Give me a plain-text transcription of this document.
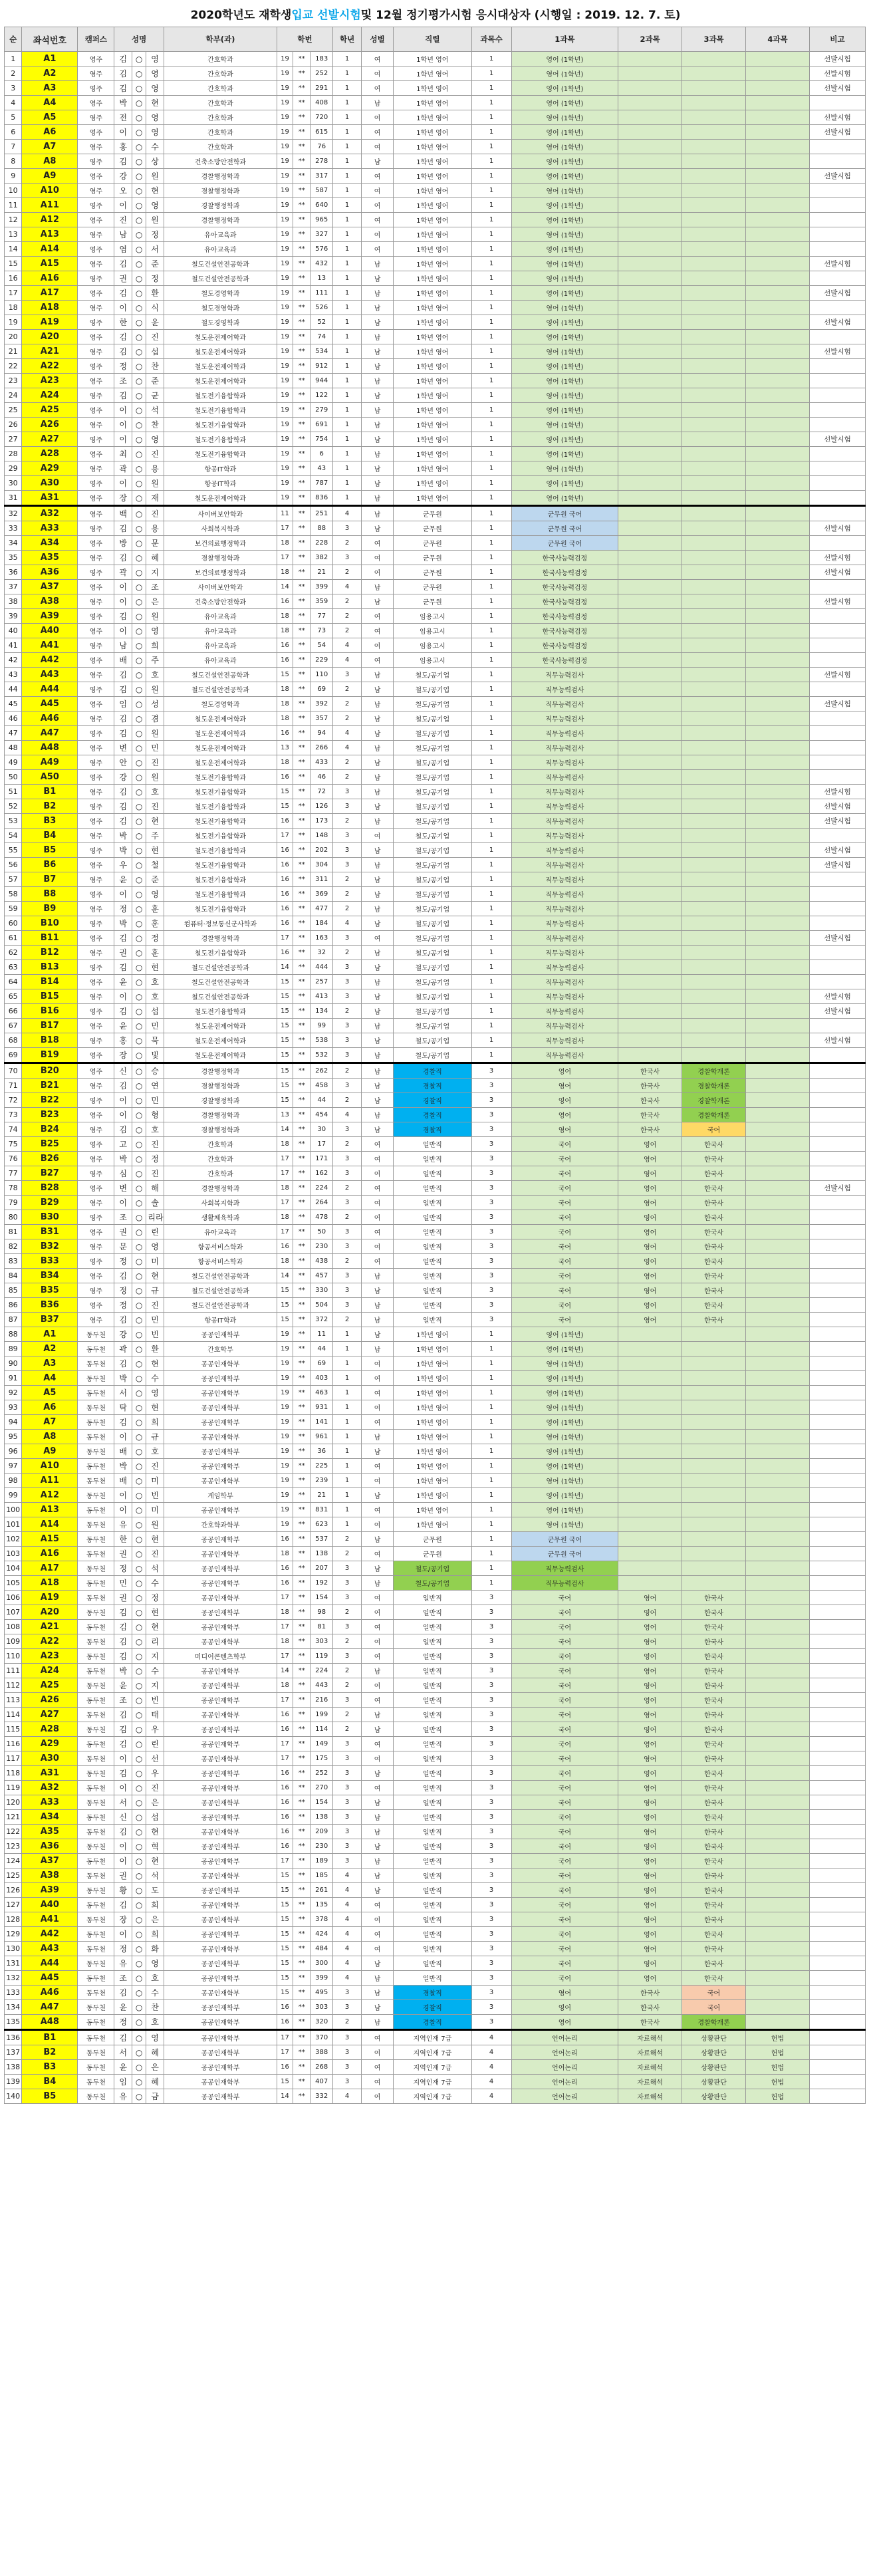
2020학년도 재학생 입교 선발시험 및 12월 정기평가시험 응시대상자 (시행일 : 2019. 12. 7. 토)
순	좌석번호	캠퍼스	성명			학부(과)	학번			학년	성별	직렬	과목수	1과목	2과목	3과목	4과목	비고
1	A1	영주	김	○	영	간호학과	19	**	183	1	여	1학년 영어	1	영어 (1학년)				선발시험
2	A2	영주	김	○	영	간호학과	19	**	252	1	여	1학년 영어	1	영어 (1학년)				선발시험
3	A3	영주	김	○	영	간호학과	19	**	291	1	여	1학년 영어	1	영어 (1학년)				선발시험
4	A4	영주	박	○	현	간호학과	19	**	408	1	남	1학년 영어	1	영어 (1학년)				
5	A5	영주	전	○	영	간호학과	19	**	720	1	여	1학년 영어	1	영어 (1학년)				선발시험
6	A6	영주	이	○	영	간호학과	19	**	615	1	여	1학년 영어	1	영어 (1학년)				선발시험
7	A7	영주	홍	○	수	간호학과	19	**	76	1	여	1학년 영어	1	영어 (1학년)				
8	A8	영주	김	○	상	건축소방안전학과	19	**	278	1	남	1학년 영어	1	영어 (1학년)				
9	A9	영주	강	○	원	경찰행정학과	19	**	317	1	여	1학년 영어	1	영어 (1학년)				선발시험
10	A10	영주	오	○	현	경찰행정학과	19	**	587	1	여	1학년 영어	1	영어 (1학년)				
11	A11	영주	이	○	영	경찰행정학과	19	**	640	1	여	1학년 영어	1	영어 (1학년)				
12	A12	영주	진	○	원	경찰행정학과	19	**	965	1	여	1학년 영어	1	영어 (1학년)				
13	A13	영주	남	○	정	유아교육과	19	**	327	1	여	1학년 영어	1	영어 (1학년)				
14	A14	영주	염	○	서	유아교육과	19	**	576	1	여	1학년 영어	1	영어 (1학년)				
15	A15	영주	김	○	준	철도건설안전공학과	19	**	432	1	남	1학년 영어	1	영어 (1학년)				선발시험
16	A16	영주	권	○	정	철도건설안전공학과	19	**	13	1	남	1학년 영어	1	영어 (1학년)				
17	A17	영주	김	○	환	철도경영학과	19	**	111	1	남	1학년 영어	1	영어 (1학년)				선발시험
18	A18	영주	이	○	식	철도경영학과	19	**	526	1	남	1학년 영어	1	영어 (1학년)				
19	A19	영주	한	○	윤	철도경영학과	19	**	52	1	남	1학년 영어	1	영어 (1학년)				선발시험
20	A20	영주	김	○	진	철도운전제어학과	19	**	74	1	남	1학년 영어	1	영어 (1학년)				
21	A21	영주	김	○	섭	철도운전제어학과	19	**	534	1	남	1학년 영어	1	영어 (1학년)				선발시험
22	A22	영주	정	○	찬	철도운전제어학과	19	**	912	1	남	1학년 영어	1	영어 (1학년)				
23	A23	영주	조	○	준	철도운전제어학과	19	**	944	1	남	1학년 영어	1	영어 (1학년)				
24	A24	영주	김	○	균	철도전기융합학과	19	**	122	1	남	1학년 영어	1	영어 (1학년)				
25	A25	영주	이	○	석	철도전기융합학과	19	**	279	1	남	1학년 영어	1	영어 (1학년)				
26	A26	영주	이	○	찬	철도전기융합학과	19	**	691	1	남	1학년 영어	1	영어 (1학년)				
27	A27	영주	이	○	영	철도전기융합학과	19	**	754	1	남	1학년 영어	1	영어 (1학년)				선발시험
28	A28	영주	최	○	진	철도전기융합학과	19	**	6	1	남	1학년 영어	1	영어 (1학년)				
29	A29	영주	곽	○	용	항공IT학과	19	**	43	1	남	1학년 영어	1	영어 (1학년)				
30	A30	영주	이	○	원	항공IT학과	19	**	787	1	남	1학년 영어	1	영어 (1학년)				
31	A31	영주	장	○	재	철도운전제어학과	19	**	836	1	남	1학년 영어	1	영어 (1학년)				
32	A32	영주	백	○	진	사이버보안학과	11	**	251	4	남	군무원	1	군무원 국어				
33	A33	영주	김	○	용	사회복지학과	17	**	88	3	남	군무원	1	군무원 국어				선발시험
34	A34	영주	방	○	문	보건의료행정학과	18	**	228	2	여	군무원	1	군무원 국어				
35	A35	영주	김	○	혜	경찰행정학과	17	**	382	3	여	군무원	1	한국사능력검정				선발시험
36	A36	영주	곽	○	지	보건의료행정학과	18	**	21	2	여	군무원	1	한국사능력검정				선발시험
37	A37	영주	이	○	조	사이버보안학과	14	**	399	4	남	군무원	1	한국사능력검정				
38	A38	영주	이	○	은	건축소방안전학과	16	**	359	2	남	군무원	1	한국사능력검정				선발시험
39	A39	영주	김	○	원	유아교육과	18	**	77	2	여	임용고시	1	한국사능력검정				
40	A40	영주	이	○	영	유아교육과	18	**	73	2	여	임용고시	1	한국사능력검정				
41	A41	영주	남	○	희	유아교육과	16	**	54	4	여	임용고시	1	한국사능력검정				
42	A42	영주	배	○	주	유아교육과	16	**	229	4	여	임용고시	1	한국사능력검정				
43	A43	영주	김	○	호	철도건설안전공학과	15	**	110	3	남	철도/공기업	1	직무능력검사				선발시험
44	A44	영주	김	○	원	철도건설안전공학과	18	**	69	2	남	철도/공기업	1	직무능력검사				
45	A45	영주	임	○	성	철도경영학과	18	**	392	2	남	철도/공기업	1	직무능력검사				선발시험
46	A46	영주	김	○	겸	철도운전제어학과	18	**	357	2	남	철도/공기업	1	직무능력검사				
47	A47	영주	김	○	원	철도운전제어학과	16	**	94	4	남	철도/공기업	1	직무능력검사				
48	A48	영주	변	○	민	철도운전제어학과	13	**	266	4	남	철도/공기업	1	직무능력검사				
49	A49	영주	안	○	진	철도운전제어학과	18	**	433	2	남	철도/공기업	1	직무능력검사				
50	A50	영주	강	○	원	철도전기융합학과	16	**	46	2	남	철도/공기업	1	직무능력검사				
51	B1	영주	김	○	호	철도전기융합학과	15	**	72	3	남	철도/공기업	1	직무능력검사				선발시험
52	B2	영주	김	○	진	철도전기융합학과	15	**	126	3	남	철도/공기업	1	직무능력검사				선발시험
53	B3	영주	김	○	현	철도전기융합학과	16	**	173	2	남	철도/공기업	1	직무능력검사				선발시험
54	B4	영주	박	○	주	철도전기융합학과	17	**	148	3	여	철도/공기업	1	직무능력검사				
55	B5	영주	박	○	현	철도전기융합학과	16	**	202	3	남	철도/공기업	1	직무능력검사				선발시험
56	B6	영주	우	○	철	철도전기융합학과	16	**	304	3	남	철도/공기업	1	직무능력검사				선발시험
57	B7	영주	윤	○	준	철도전기융합학과	16	**	311	2	남	철도/공기업	1	직무능력검사				
58	B8	영주	이	○	영	철도전기융합학과	16	**	369	2	남	철도/공기업	1	직무능력검사				
59	B9	영주	정	○	훈	철도전기융합학과	16	**	477	2	남	철도/공기업	1	직무능력검사				
60	B10	영주	박	○	훈	컴퓨터·정보통신군사학과	16	**	184	4	남	철도/공기업	1	직무능력검사				
61	B11	영주	김	○	정	경찰행정학과	17	**	163	3	여	철도/공기업	1	직무능력검사				선발시험
62	B12	영주	권	○	훈	철도전기융합학과	16	**	32	2	남	철도/공기업	1	직무능력검사				
63	B13	영주	김	○	현	철도건설안전공학과	14	**	444	3	남	철도/공기업	1	직무능력검사				
64	B14	영주	윤	○	호	철도건설안전공학과	15	**	257	3	남	철도/공기업	1	직무능력검사				
65	B15	영주	이	○	호	철도건설안전공학과	15	**	413	3	남	철도/공기업	1	직무능력검사				선발시험
66	B16	영주	김	○	섭	철도전기융합학과	15	**	134	2	남	철도/공기업	1	직무능력검사				선발시험
67	B17	영주	윤	○	민	철도운전제어학과	15	**	99	3	남	철도/공기업	1	직무능력검사				
68	B18	영주	홍	○	묵	철도운전제어학과	15	**	538	3	남	철도/공기업	1	직무능력검사				선발시험
69	B19	영주	장	○	빛	철도운전제어학과	15	**	532	3	남	철도/공기업	1	직무능력검사				
70	B20	영주	신	○	승	경찰행정학과	15	**	262	2	남	경찰직	3	영어	한국사	경찰학개론		
71	B21	영주	김	○	연	경찰행정학과	15	**	458	3	남	경찰직	3	영어	한국사	경찰학개론		
72	B22	영주	이	○	민	경찰행정학과	15	**	44	2	남	경찰직	3	영어	한국사	경찰학개론		
73	B23	영주	이	○	형	경찰행정학과	13	**	454	4	남	경찰직	3	영어	한국사	경찰학개론		
74	B24	영주	김	○	호	경찰행정학과	14	**	30	3	남	경찰직	3	영어	한국사	국어		
75	B25	영주	고	○	진	간호학과	18	**	17	2	여	일반직	3	국어	영어	한국사		
76	B26	영주	박	○	정	간호학과	17	**	171	3	여	일반직	3	국어	영어	한국사		
77	B27	영주	심	○	진	간호학과	17	**	162	3	여	일반직	3	국어	영어	한국사		
78	B28	영주	변	○	해	경찰행정학과	18	**	224	2	여	일반직	3	국어	영어	한국사		선발시험
79	B29	영주	이	○	솔	사회복지학과	17	**	264	3	여	일반직	3	국어	영어	한국사		
80	B30	영주	조	○	리라	생활체육학과	18	**	478	2	여	일반직	3	국어	영어	한국사		
81	B31	영주	권	○	린	유아교육과	17	**	50	3	여	일반직	3	국어	영어	한국사		
82	B32	영주	문	○	영	항공서비스학과	16	**	230	3	여	일반직	3	국어	영어	한국사		
83	B33	영주	정	○	미	항공서비스학과	18	**	438	2	여	일반직	3	국어	영어	한국사		
84	B34	영주	김	○	현	철도건설안전공학과	14	**	457	3	남	일반직	3	국어	영어	한국사		
85	B35	영주	정	○	규	철도건설안전공학과	15	**	330	3	남	일반직	3	국어	영어	한국사		
86	B36	영주	정	○	진	철도건설안전공학과	15	**	504	3	남	일반직	3	국어	영어	한국사		
87	B37	영주	김	○	민	항공IT학과	15	**	372	2	남	일반직	3	국어	영어	한국사		
88	A1	동두천	강	○	빈	공공인재학부	19	**	11	1	남	1학년 영어	1	영어 (1학년)				
89	A2	동두천	곽	○	환	간호학부	19	**	44	1	남	1학년 영어	1	영어 (1학년)				
90	A3	동두천	김	○	현	공공인재학부	19	**	69	1	여	1학년 영어	1	영어 (1학년)				
91	A4	동두천	박	○	수	공공인재학부	19	**	403	1	여	1학년 영어	1	영어 (1학년)				
92	A5	동두천	서	○	영	공공인재학부	19	**	463	1	여	1학년 영어	1	영어 (1학년)				
93	A6	동두천	탁	○	현	공공인재학부	19	**	931	1	여	1학년 영어	1	영어 (1학년)				
94	A7	동두천	김	○	희	공공인재학부	19	**	141	1	여	1학년 영어	1	영어 (1학년)				
95	A8	동두천	이	○	규	공공인재학부	19	**	961	1	남	1학년 영어	1	영어 (1학년)				
96	A9	동두천	배	○	호	공공인재학부	19	**	36	1	남	1학년 영어	1	영어 (1학년)				
97	A10	동두천	박	○	진	공공인재학부	19	**	225	1	여	1학년 영어	1	영어 (1학년)				
98	A11	동두천	배	○	미	공공인재학부	19	**	239	1	여	1학년 영어	1	영어 (1학년)				
99	A12	동두천	이	○	빈	게임학부	19	**	21	1	남	1학년 영어	1	영어 (1학년)				
100	A13	동두천	이	○	미	공공인재학부	19	**	831	1	여	1학년 영어	1	영어 (1학년)				
101	A14	동두천	유	○	원	간호학과학부	19	**	623	1	여	1학년 영어	1	영어 (1학년)				
102	A15	동두천	한	○	현	공공인재학부	16	**	537	2	남	군무원	1	군무원 국어				
103	A16	동두천	권	○	진	공공인재학부	18	**	138	2	여	군무원	1	군무원 국어				
104	A17	동두천	정	○	석	공공인재학부	16	**	207	3	남	철도/공기업	1	직무능력검사				
105	A18	동두천	민	○	수	공공인재학부	16	**	192	3	남	철도/공기업	1	직무능력검사				
106	A19	동두천	권	○	정	공공인재학부	17	**	154	3	여	일반직	3	국어	영어	한국사		
107	A20	동두천	김	○	현	공공인재학부	18	**	98	2	여	일반직	3	국어	영어	한국사		
108	A21	동두천	김	○	현	공공인재학부	17	**	81	3	여	일반직	3	국어	영어	한국사		
109	A22	동두천	김	○	리	공공인재학부	18	**	303	2	여	일반직	3	국어	영어	한국사		
110	A23	동두천	김	○	지	미디어콘텐츠학부	17	**	119	3	여	일반직	3	국어	영어	한국사		
111	A24	동두천	박	○	수	공공인재학부	14	**	224	2	남	일반직	3	국어	영어	한국사		
112	A25	동두천	윤	○	지	공공인재학부	18	**	443	2	여	일반직	3	국어	영어	한국사		
113	A26	동두천	조	○	빈	공공인재학부	17	**	216	3	여	일반직	3	국어	영어	한국사		
114	A27	동두천	김	○	태	공공인재학부	16	**	199	2	남	일반직	3	국어	영어	한국사		
115	A28	동두천	김	○	우	공공인재학부	16	**	114	2	남	일반직	3	국어	영어	한국사		
116	A29	동두천	김	○	린	공공인재학부	17	**	149	3	여	일반직	3	국어	영어	한국사		
117	A30	동두천	이	○	선	공공인재학부	17	**	175	3	여	일반직	3	국어	영어	한국사		
118	A31	동두천	김	○	우	공공인재학부	16	**	252	3	남	일반직	3	국어	영어	한국사		
119	A32	동두천	이	○	진	공공인재학부	16	**	270	3	여	일반직	3	국어	영어	한국사		
120	A33	동두천	서	○	은	공공인재학부	16	**	154	3	남	일반직	3	국어	영어	한국사		
121	A34	동두천	신	○	섭	공공인재학부	16	**	138	3	남	일반직	3	국어	영어	한국사		
122	A35	동두천	김	○	현	공공인재학부	16	**	209	3	남	일반직	3	국어	영어	한국사		
123	A36	동두천	이	○	혁	공공인재학부	16	**	230	3	남	일반직	3	국어	영어	한국사		
124	A37	동두천	이	○	현	공공인재학부	17	**	189	3	남	일반직	3	국어	영어	한국사		
125	A38	동두천	권	○	석	공공인재학부	15	**	185	4	남	일반직	3	국어	영어	한국사		
126	A39	동두천	황	○	도	공공인재학부	15	**	261	4	남	일반직	3	국어	영어	한국사		
127	A40	동두천	김	○	희	공공인재학부	15	**	135	4	여	일반직	3	국어	영어	한국사		
128	A41	동두천	장	○	은	공공인재학부	15	**	378	4	여	일반직	3	국어	영어	한국사		
129	A42	동두천	이	○	희	공공인재학부	15	**	424	4	여	일반직	3	국어	영어	한국사		
130	A43	동두천	정	○	화	공공인재학부	15	**	484	4	여	일반직	3	국어	영어	한국사		
131	A44	동두천	유	○	영	공공인재학부	15	**	300	4	남	일반직	3	국어	영어	한국사		
132	A45	동두천	조	○	호	공공인재학부	15	**	399	4	남	일반직	3	국어	영어	한국사		
133	A46	동두천	김	○	수	공공인재학부	15	**	495	3	남	경찰직	3	영어	한국사	국어		
134	A47	동두천	윤	○	찬	공공인재학부	16	**	303	3	남	경찰직	3	영어	한국사	국어		
135	A48	동두천	정	○	호	공공인재학부	16	**	320	2	남	경찰직	3	영어	한국사	경찰학개론		
136	B1	동두천	김	○	영	공공인재학부	17	**	370	3	여	지역인재 7급	4	언어논리	자료해석	상황판단	헌법	
137	B2	동두천	서	○	혜	공공인재학부	17	**	388	3	여	지역인재 7급	4	언어논리	자료해석	상황판단	헌법	
138	B3	동두천	윤	○	은	공공인재학부	16	**	268	3	여	지역인재 7급	4	언어논리	자료해석	상황판단	헌법	
139	B4	동두천	임	○	혜	공공인재학부	15	**	407	3	여	지역인재 7급	4	언어논리	자료해석	상황판단	헌법	
140	B5	동두천	유	○	금	공공인재학부	14	**	332	4	여	지역인재 7급	4	언어논리	자료해석	상황판단	헌법	
